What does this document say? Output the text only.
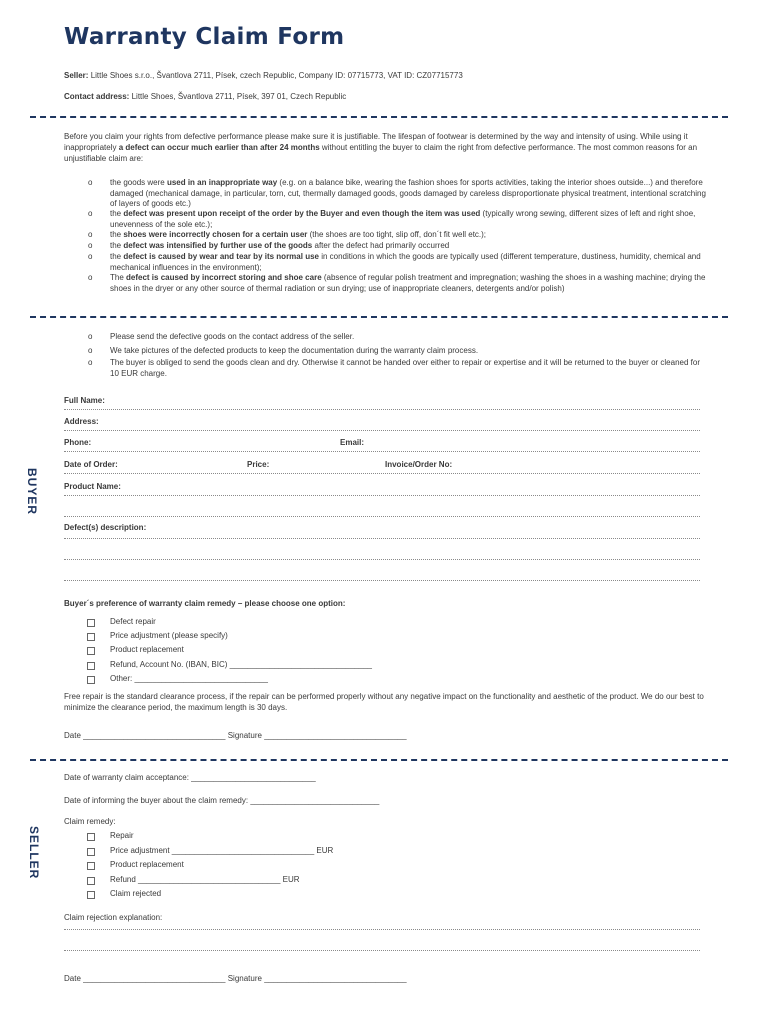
Warranty Claim Form
Seller: Little Shoes s.r.o., Švantlova 2711, Písek, czech Republic, Company ID: 07715773, VAT ID: CZ07715773
Contact address: Little Shoes, Švantlova 2711, Písek, 397 01, Czech Republic
Before you claim your rights from defective performance please make sure it is justifiable. The lifespan of footwear is determined by the way and intensity of using. While using it inappropriately a defect can occur much earlier than after 24 months without entitling the buyer to claim the right from defective performance. The most common reasons for an unjustifiable claim are:
o the goods were used in an inappropriate way (e.g. on a balance bike, wearing the fashion shoes for sports activities, taking the interior shoes outside...) and therefore damaged (mechanical damage, in particular, torn, cut, thermally damaged goods, goods damaged by careless disproportionate physical treatment, intentional scratching of layers of goods etc.)
o the defect was present upon receipt of the order by the Buyer and even though the item was used (typically wrong sewing, different sizes of left and right shoe, unevenness of the sole etc.);
o the shoes were incorrectly chosen for a certain user (the shoes are too tight, slip off, don´t fit well etc.);
o the defect was intensified by further use of the goods after the defect had primarily occurred
o the defect is caused by wear and tear by its normal use in conditions in which the goods are typically used (different temperature, dustiness, humidity, chemical and mechanical influences in the environment);
o The defect is caused by incorrect storing and shoe care (absence of regular polish treatment and impregnation; washing the shoes in a washing machine; drying the shoes in the dryer or any other source of thermal radiation or sun drying; use of inappropriate cleaners, detergents and/or polish)
o Please send the defective goods on the contact address of the seller.
o We take pictures of the defected products to keep the documentation during the warranty claim process.
o The buyer is obliged to send the goods clean and dry. Otherwise it cannot be handed over either to repair or expertise and it will be returned to the buyer or cleaned for 10 EUR charge.
BUYER
Full Name:
Address:
Phone:	Email:
Date of Order:	Price:	Invoice/Order No:
Product Name:
Defect(s) description:
Buyer´s preference of warranty claim remedy – please choose one option:
Defect repair
Price adjustment (please specify)
Product replacement
Refund, Account No. (IBAN, BIC) ________________________________
Other: ______________________________
Free repair is the standard clearance process, if the repair can be performed properly without any negative impact on the functionality and aesthetic of the product. We do our best to minimize the clearance period, the maximum length is 30 days.
Date ________________________________ Signature ________________________________
SELLER
Date of warranty claim acceptance: ____________________________
Date of informing the buyer about the claim remedy: _____________________________
Claim remedy:
Repair
Price adjustment ________________________________ EUR
Product replacement
Refund ________________________________ EUR
Claim rejected
Claim rejection explanation:
Date ________________________________ Signature ________________________________
